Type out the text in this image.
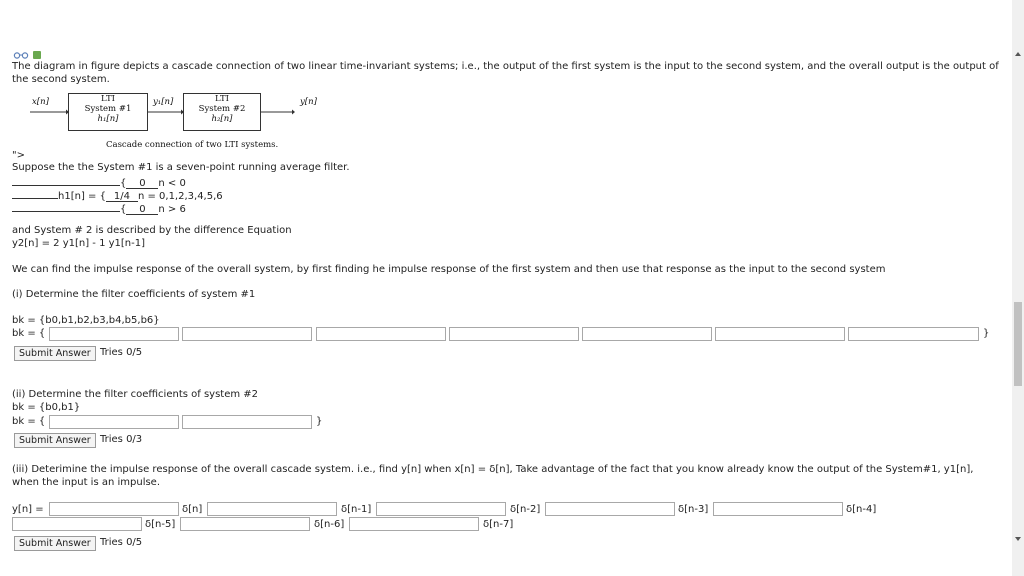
The diagram in figure depicts a cascade connection of two linear time-invariant systems; i.e., the output of the first system is the input to the second system, and the overall output is the output of the second system.
x[n]	LTI
System #1
h₁[n]
y₁[n]	LTI
System #2
h₂[n]
y[n]
Cascade connection of two LTI systems.
">
Suppose the the System #1 is a seven-point running average filter.
{ 0 n < 0
h1[n] = { 1/4 n = 0,1,2,3,4,5,6
{ 0 n > 6
and System # 2 is described by the difference Equation
y2[n] = 2 y1[n] - 1 y1[n-1]
We can find the impulse response of the overall system, by first finding he impulse response of the first system and then use that response as the input to the second system
(i) Determine the filter coefficients of system #1
bk = {b0,b1,b2,b3,b4,b5,b6}
bk = {	}
Submit Answer Tries 0/5
(ii) Determine the filter coefficients of system #2
bk = {b0,b1}
bk = {	}
Submit Answer Tries 0/3
(iii) Deterimine the impulse response of the overall cascade system. i.e., find y[n] when x[n] = δ[n], Take advantage of the fact that you know already know the output of the System#1, y1[n], when the input is an impulse.
y[n] =	δ[n]	δ[n-1]	δ[n-2]	δ[n-3]	δ[n-4]
δ[n-5]	δ[n-6]	δ[n-7]
Submit Answer Tries 0/5
